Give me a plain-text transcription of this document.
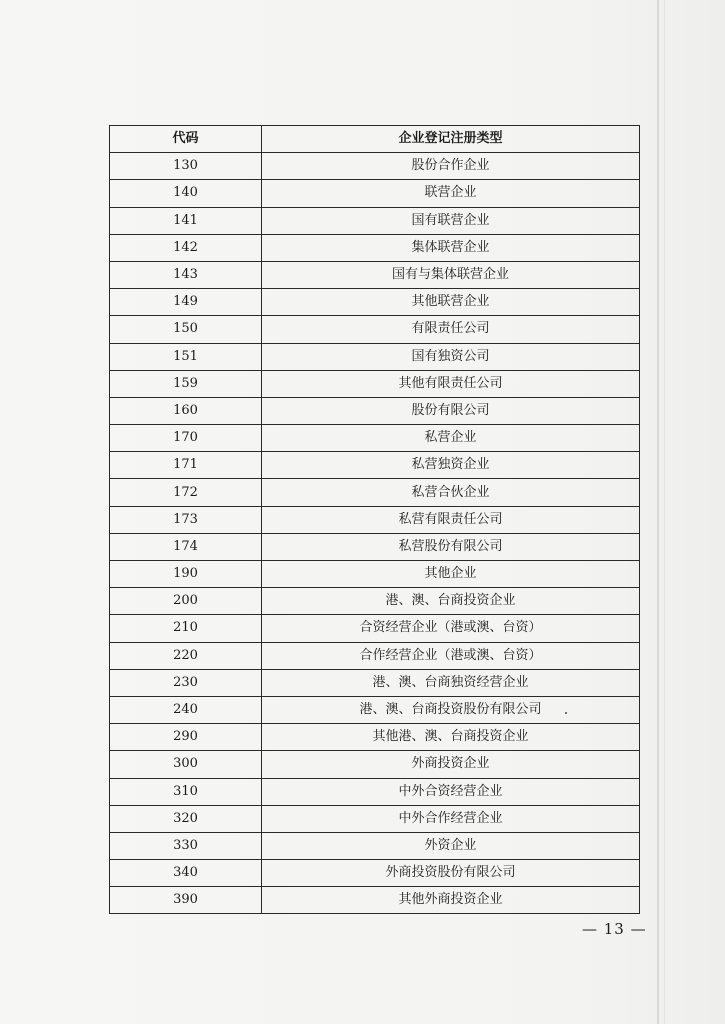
代码	企业登记注册类型
130	股份合作企业
140	联营企业
141	国有联营企业
142	集体联营企业
143	国有与集体联营企业
149	其他联营企业
150	有限责任公司
151	国有独资公司
159	其他有限责任公司
160	股份有限公司
170	私营企业
171	私营独资企业
172	私营合伙企业
173	私营有限责任公司
174	私营股份有限公司
190	其他企业
200	港、澳、台商投资企业
210	合资经营企业（港或澳、台资）
220	合作经营企业（港或澳、台资）
230	港、澳、台商独资经营企业
240	港、澳、台商投资股份有限公司
290	其他港、澳、台商投资企业
300	外商投资企业
310	中外合资经营企业
320	中外合作经营企业
330	外资企业
340	外商投资股份有限公司
390	其他外商投资企业
— 13 —
